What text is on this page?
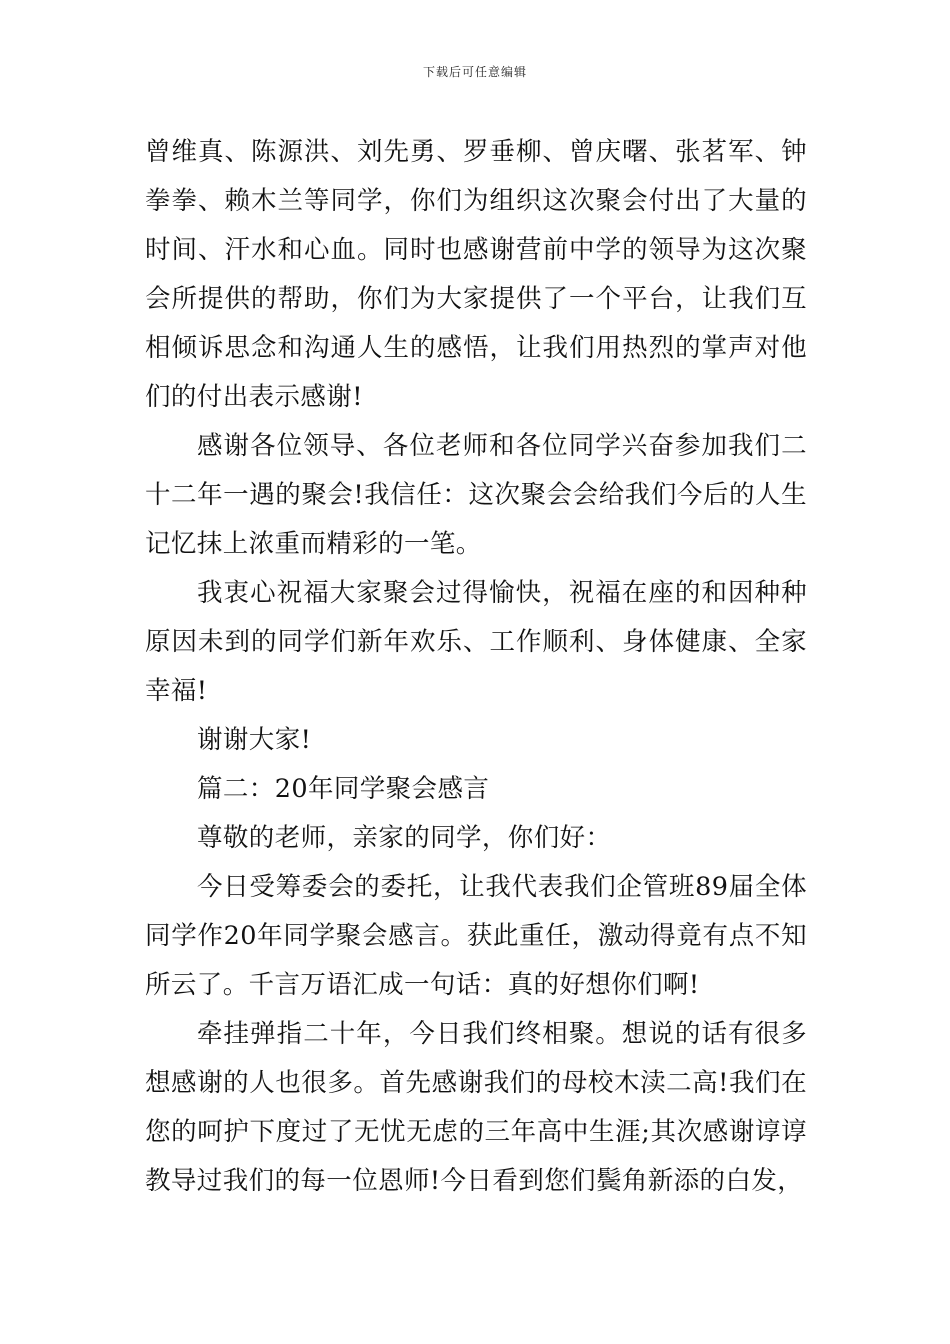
下载后可任意编辑

曾维真、陈源洪、刘先勇、罗垂柳、曾庆曙、张茗军、钟拳拳、赖木兰等同学，你们为组织这次聚会付出了大量的时间、汗水和心血。同时也感谢营前中学的领导为这次聚会所提供的帮助，你们为大家提供了一个平台，让我们互相倾诉思念和沟通人生的感悟，让我们用热烈的掌声对他们的付出表示感谢!

感谢各位领导、各位老师和各位同学兴奋参加我们二十二年一遇的聚会!我信任：这次聚会会给我们今后的人生记忆抹上浓重而精彩的一笔。

我衷心祝福大家聚会过得愉快，祝福在座的和因种种原因未到的同学们新年欢乐、工作顺利、身体健康、全家幸福!

谢谢大家!

篇二：20年同学聚会感言

尊敬的老师，亲家的同学，你们好：

今日受筹委会的委托，让我代表我们企管班89届全体同学作20年同学聚会感言。获此重任，激动得竟有点不知所云了。千言万语汇成一句话：真的好想你们啊!

牵挂弹指二十年，今日我们终相聚。想说的话有很多想感谢的人也很多。首先感谢我们的母校木渎二高!我们在您的呵护下度过了无忧无虑的三年高中生涯;其次感谢谆谆教导过我们的每一位恩师!今日看到您们鬓角新添的白发，
